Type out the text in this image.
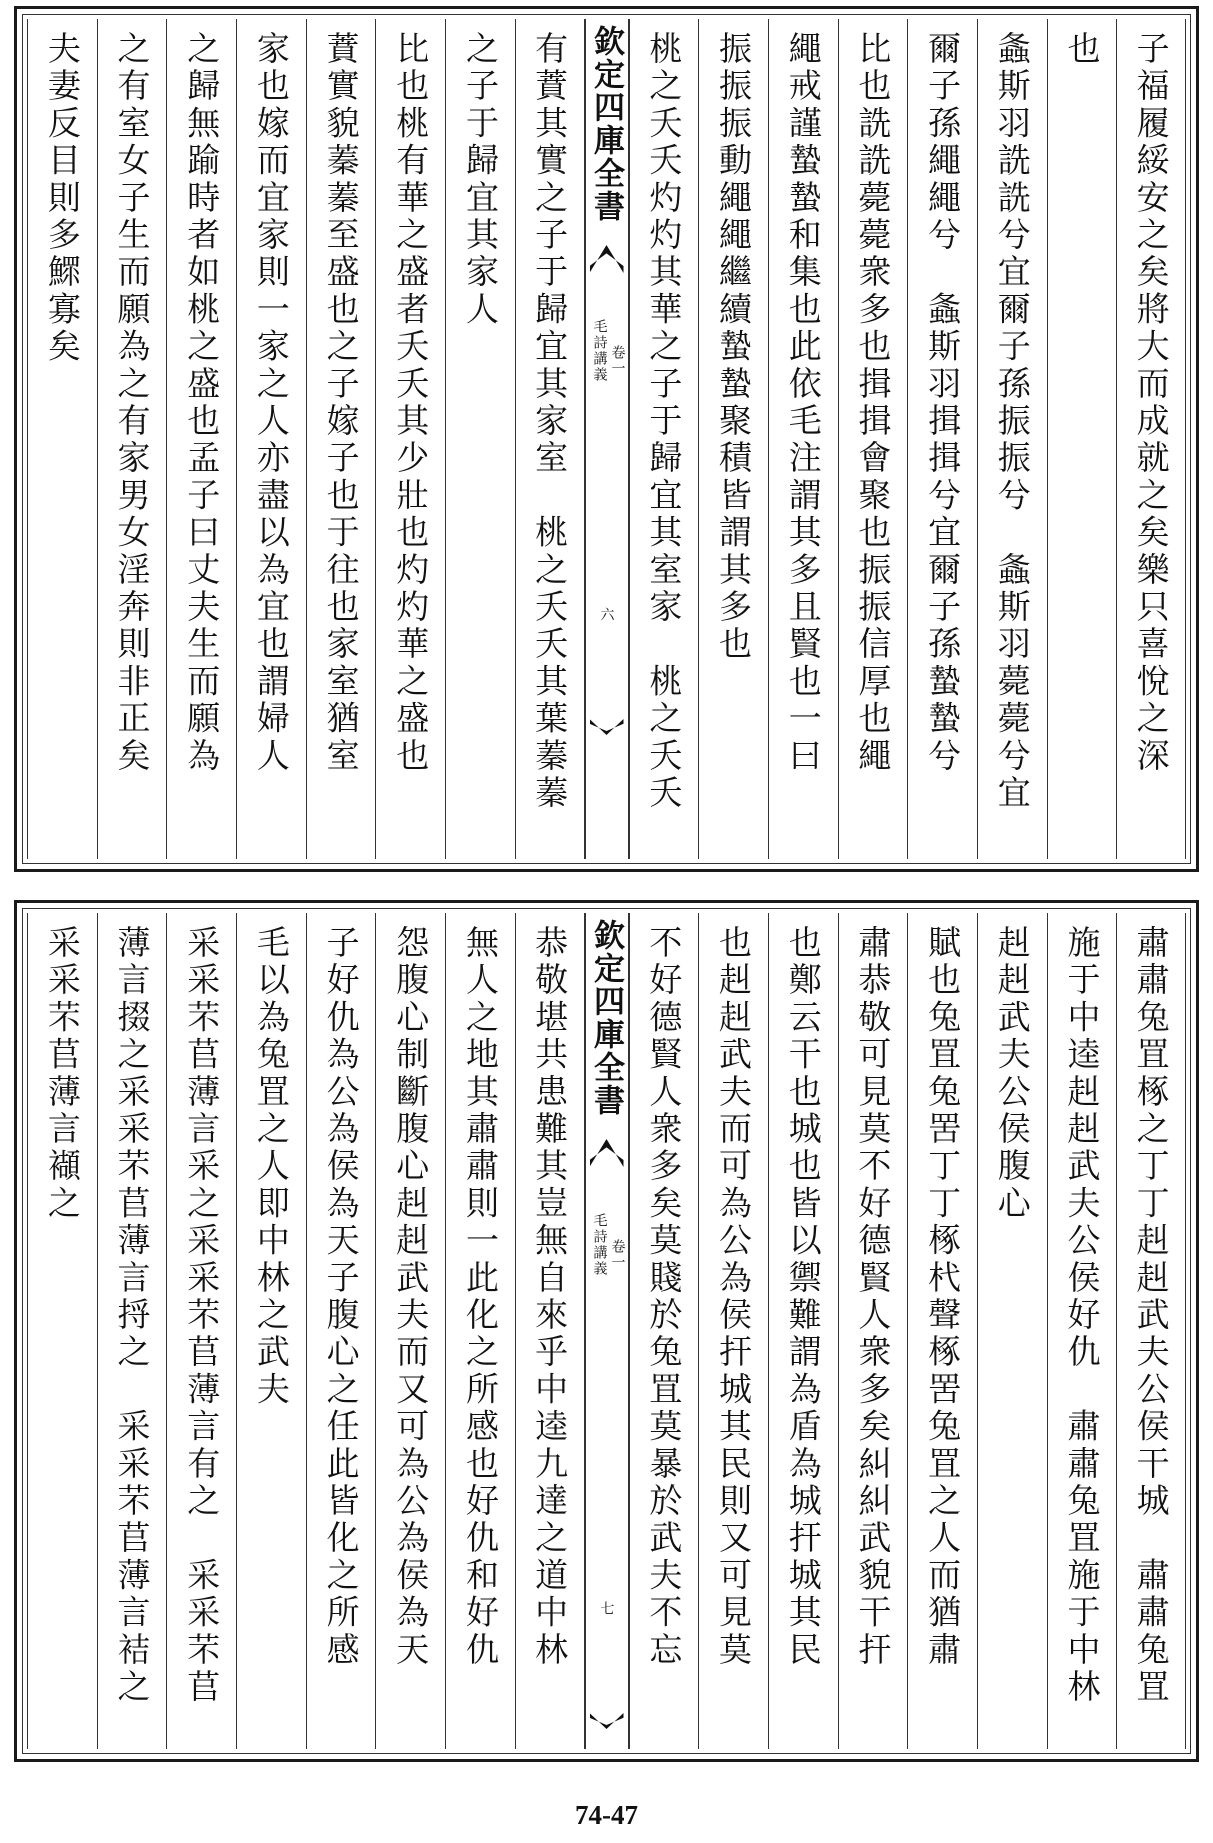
子福履綏安之矣將大而成就之矣樂只喜悅之深
也
螽斯羽詵詵兮宜爾子孫振振兮　螽斯羽薨薨兮宜
爾子孫繩繩兮　螽斯羽揖揖兮宜爾子孫蟄蟄兮
比也詵詵薨薨衆多也揖揖會聚也振振信厚也繩
繩戒謹蟄蟄和集也此依毛注謂其多且賢也一曰
振振振動繩繩繼續蟄蟄聚積皆謂其多也
桃之夭夭灼灼其華之子于歸宜其室家　桃之夭夭
欽定四庫全書
毛詩講義 卷一
六
有蕡其實之子于歸宜其家室　桃之夭夭其葉蓁蓁
之子于歸宜其家人
比也桃有華之盛者夭夭其少壯也灼灼華之盛也
蕡實貌蓁蓁至盛也之子嫁子也于往也家室猶室
家也嫁而宜家則一家之人亦盡以為宜也謂婦人
之歸無踰時者如桃之盛也孟子曰丈夫生而願為
之有室女子生而願為之有家男女淫奔則非正矣
夫妻反目則多鰥寡矣
肅肅兔罝椓之丁丁赳赳武夫公侯干城　肅肅兔罝
施于中逵赳赳武夫公侯好仇　肅肅兔罝施于中林
赳赳武夫公侯腹心
賦也兔罝兔罟丁丁椓杙聲椓罟兔罝之人而猶肅
肅恭敬可見莫不好德賢人衆多矣糾糾武貌干扞
也鄭云干也城也皆以禦難謂為盾為城扞城其民
也赳赳武夫而可為公為侯扞城其民則又可見莫
不好德賢人衆多矣莫賤於兔罝莫暴於武夫不忘
欽定四庫全書
毛詩講義 卷一
七
恭敬堪共患難其豈無自來乎中逵九達之道中林
無人之地其肅肅則一此化之所感也好仇和好仇
怨腹心制斷腹心赳赳武夫而又可為公為侯為天
子好仇為公為侯為天子腹心之任此皆化之所感
毛以為兔罝之人即中林之武夫
采采芣苢薄言采之采采芣苢薄言有之　采采芣苢
薄言掇之采采芣苢薄言捋之　采采芣苢薄言袺之
采采芣苢薄言襭之
74-47
